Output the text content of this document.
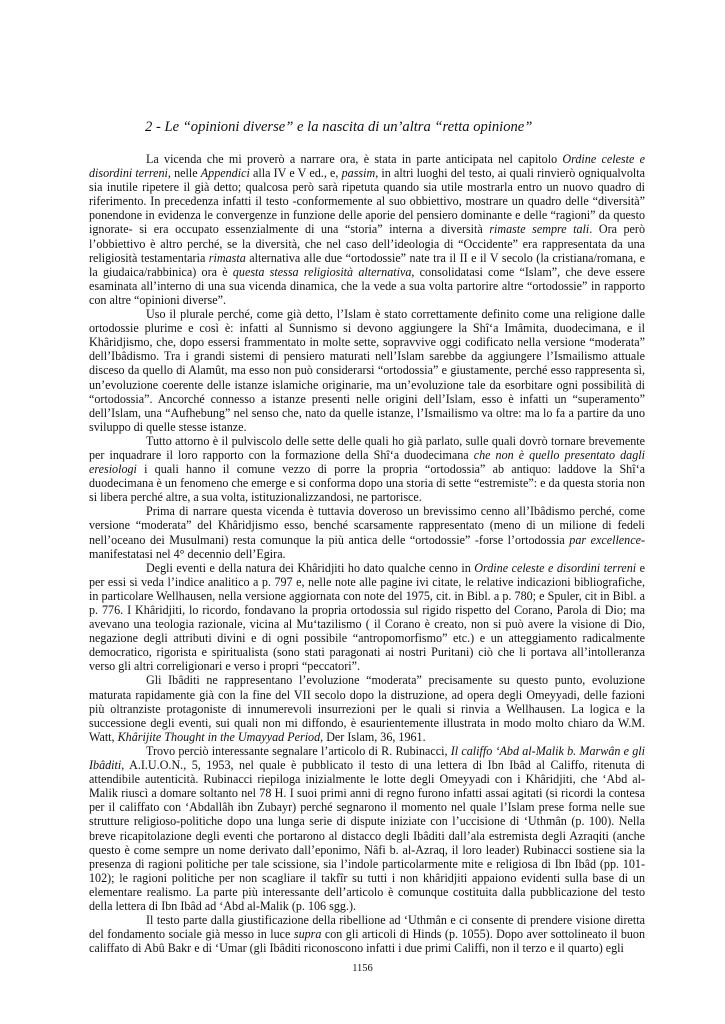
2 - Le “opinioni diverse” e la nascita di un’altra “retta opinione”

La vicenda che mi proverò a narrare ora, è stata in parte anticipata nel capitolo Ordine celeste e disordini terreni, nelle Appendici alla IV e V ed., e, passim, in altri luoghi del testo, ai quali rinvierò ogniqualvolta sia inutile ripetere il già detto; qualcosa però sarà ripetuta quando sia utile mostrarla entro un nuovo quadro di riferimento. In precedenza infatti il testo -conformemente al suo obbiettivo, mostrare un quadro delle “diversità” ponendone in evidenza le convergenze in funzione delle aporie del pensiero dominante e delle “ragioni” da questo ignorate- si era occupato essenzialmente di una “storia” interna a diversità rimaste sempre tali. Ora però l’obbiettivo è altro perché, se la diversità, che nel caso dell’ideologia di “Occidente” era rappresentata da una religiosità testamentaria rimasta alternativa alle due “ortodossie” nate tra il II e il V secolo (la cristiana/romana, e la giudaica/rabbinica) ora è questa stessa religiosità alternativa, consolidatasi come “Islam”, che deve essere esaminata all’interno di una sua vicenda dinamica, che la vede a sua volta partorire altre “ortodossie” in rapporto con altre “opinioni diverse”.

Uso il plurale perché, come già detto, l’Islam è stato correttamente definito come una religione dalle ortodossie plurime e così è: infatti al Sunnismo si devono aggiungere la Shî‘a Imâmita, duodecimana, e il Khâridjismo, che, dopo essersi frammentato in molte sette, sopravvive oggi codificato nella versione “moderata” dell’Ibâdismo. Tra i grandi sistemi di pensiero maturati nell’Islam sarebbe da aggiungere l’Ismailismo attuale disceso da quello di Alamût, ma esso non può considerarsi “ortodossia” e giustamente, perché esso rappresenta sì, un’evoluzione coerente delle istanze islamiche originarie, ma un’evoluzione tale da esorbitare ogni possibilità di “ortodossia”. Ancorché connesso a istanze presenti nelle origini dell’Islam, esso è infatti un “superamento” dell’Islam, una “Aufhebung” nel senso che, nato da quelle istanze, l’Ismailismo va oltre: ma lo fa a partire da uno sviluppo di quelle stesse istanze.

Tutto attorno è il pulviscolo delle sette delle quali ho già parlato, sulle quali dovrò tornare brevemente per inquadrare il loro rapporto con la formazione della Shî‘a duodecimana che non è quello presentato dagli eresiologi i quali hanno il comune vezzo di porre la propria “ortodossia” ab antiquo: laddove la Shî‘a duodecimana è un fenomeno che emerge e si conforma dopo una storia di sette “estremiste”: e da questa storia non si libera perché altre, a sua volta, istituzionalizzandosi, ne partorisce.

Prima di narrare questa vicenda è tuttavia doveroso un brevissimo cenno all’Ibâdismo perché, come versione “moderata” del Khâridjismo esso, benché scarsamente rappresentato (meno di un milione di fedeli nell’oceano dei Musulmani) resta comunque la più antica delle “ortodossie” -forse l’ortodossia par excellence- manifestatasi nel 4° decennio dell’Egira.

Degli eventi e della natura dei Khâridjiti ho dato qualche cenno in Ordine celeste e disordini terreni e per essi si veda l’indice analitico a p. 797 e, nelle note alle pagine ivi citate, le relative indicazioni bibliografiche, in particolare Wellhausen, nella versione aggiornata con note del 1975, cit. in Bibl. a p. 780; e Spuler, cit in Bibl. a p. 776. I Khâridjiti, lo ricordo, fondavano la propria ortodossia sul rigido rispetto del Corano, Parola di Dio; ma avevano una teologia razionale, vicina al Mu‘tazilismo ( il Corano è creato, non si può avere la visione di Dio, negazione degli attributi divini e di ogni possibile “antropomorfismo” etc.) e un atteggiamento radicalmente democratico, rigorista e spiritualista (sono stati paragonati ai nostri Puritani) ciò che li portava all’intolleranza verso gli altri correligionari e verso i propri “peccatori”.

Gli Ibâditi ne rappresentano l’evoluzione “moderata” precisamente su questo punto, evoluzione maturata rapidamente già con la fine del VII secolo dopo la distruzione, ad opera degli Omeyyadi, delle fazioni più oltranziste protagoniste di innumerevoli insurrezioni per le quali si rinvia a Wellhausen. La logica e la successione degli eventi, sui quali non mi diffondo, è esaurientemente illustrata in modo molto chiaro da W.M. Watt, Khârijite Thought in the Umayyad Period, Der Islam, 36, 1961.

Trovo perciò interessante segnalare l’articolo di R. Rubinacci, Il califfo ‘Abd al-Malik b. Marwân e gli Ibâditi, A.I.U.O.N., 5, 1953, nel quale è pubblicato il testo di una lettera di Ibn Ibâd al Califfo, ritenuta di attendibile autenticità. Rubinacci riepiloga inizialmente le lotte degli Omeyyadi con i Khâridjiti, che ‘Abd al-Malik riuscì a domare soltanto nel 78 H. I suoi primi anni di regno furono infatti assai agitati (si ricordi la contesa per il califfato con ‘Abdallâh ibn Zubayr) perché segnarono il momento nel quale l’Islam prese forma nelle sue strutture religioso-politiche dopo una lunga serie di dispute iniziate con l’uccisione di ‘Uthmân (p. 100). Nella breve ricapitolazione degli eventi che portarono al distacco degli Ibâditi dall’ala estremista degli Azraqiti (anche questo è come sempre un nome derivato dall’eponimo, Nâfi b. al-Azraq, il loro leader) Rubinacci sostiene sia la presenza di ragioni politiche per tale scissione, sia l’indole particolarmente mite e religiosa di Ibn Ibâd (pp. 101-102); le ragioni politiche per non scagliare il takfîr su tutti i non khâridjiti appaiono evidenti sulla base di un elementare realismo. La parte più interessante dell’articolo è comunque costituita dalla pubblicazione del testo della lettera di Ibn Ibâd ad ‘Abd al-Malik (p. 106 sgg.).

Il testo parte dalla giustificazione della ribellione ad ‘Uthmân e ci consente di prendere visione diretta del fondamento sociale già messo in luce supra con gli articoli di Hinds (p. 1055). Dopo aver sottolineato il buon califfato di Abû Bakr e di ‘Umar (gli Ibâditi riconoscono infatti i due primi Califfi, non il terzo e il quarto) egli

1156
